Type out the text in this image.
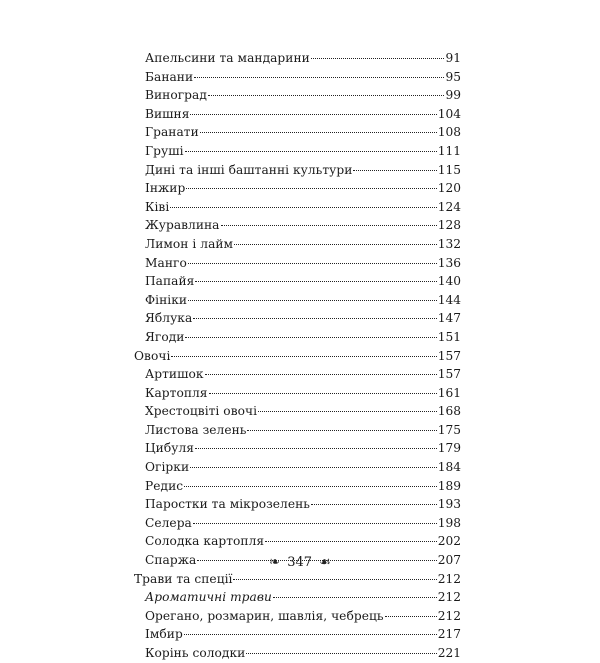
Апельсини та мандарини	91
Банани	95
Виноград	99
Вишня	104
Гранати	108
Груші	111
Дині та інші баштанні культури	115
Інжир	120
Ківі	124
Журавлина	128
Лимон і лайм	132
Манго	136
Папайя	140
Фініки	144
Яблука	147
Ягоди	151
Овочі	157
Артишок	157
Картопля	161
Хрестоцвіті овочі	168
Листова зелень	175
Цибуля	179
Огірки	184
Редис	189
Паростки та мікрозелень	193
Селера	198
Солодка картопля	202
Спаржа	207
Трави та спеції	212
Ароматичні трави	212
Орегано, розмарин, шавлія, чебрець	212
Імбир	217
Корінь солодки	221
❧ 347 ☙
